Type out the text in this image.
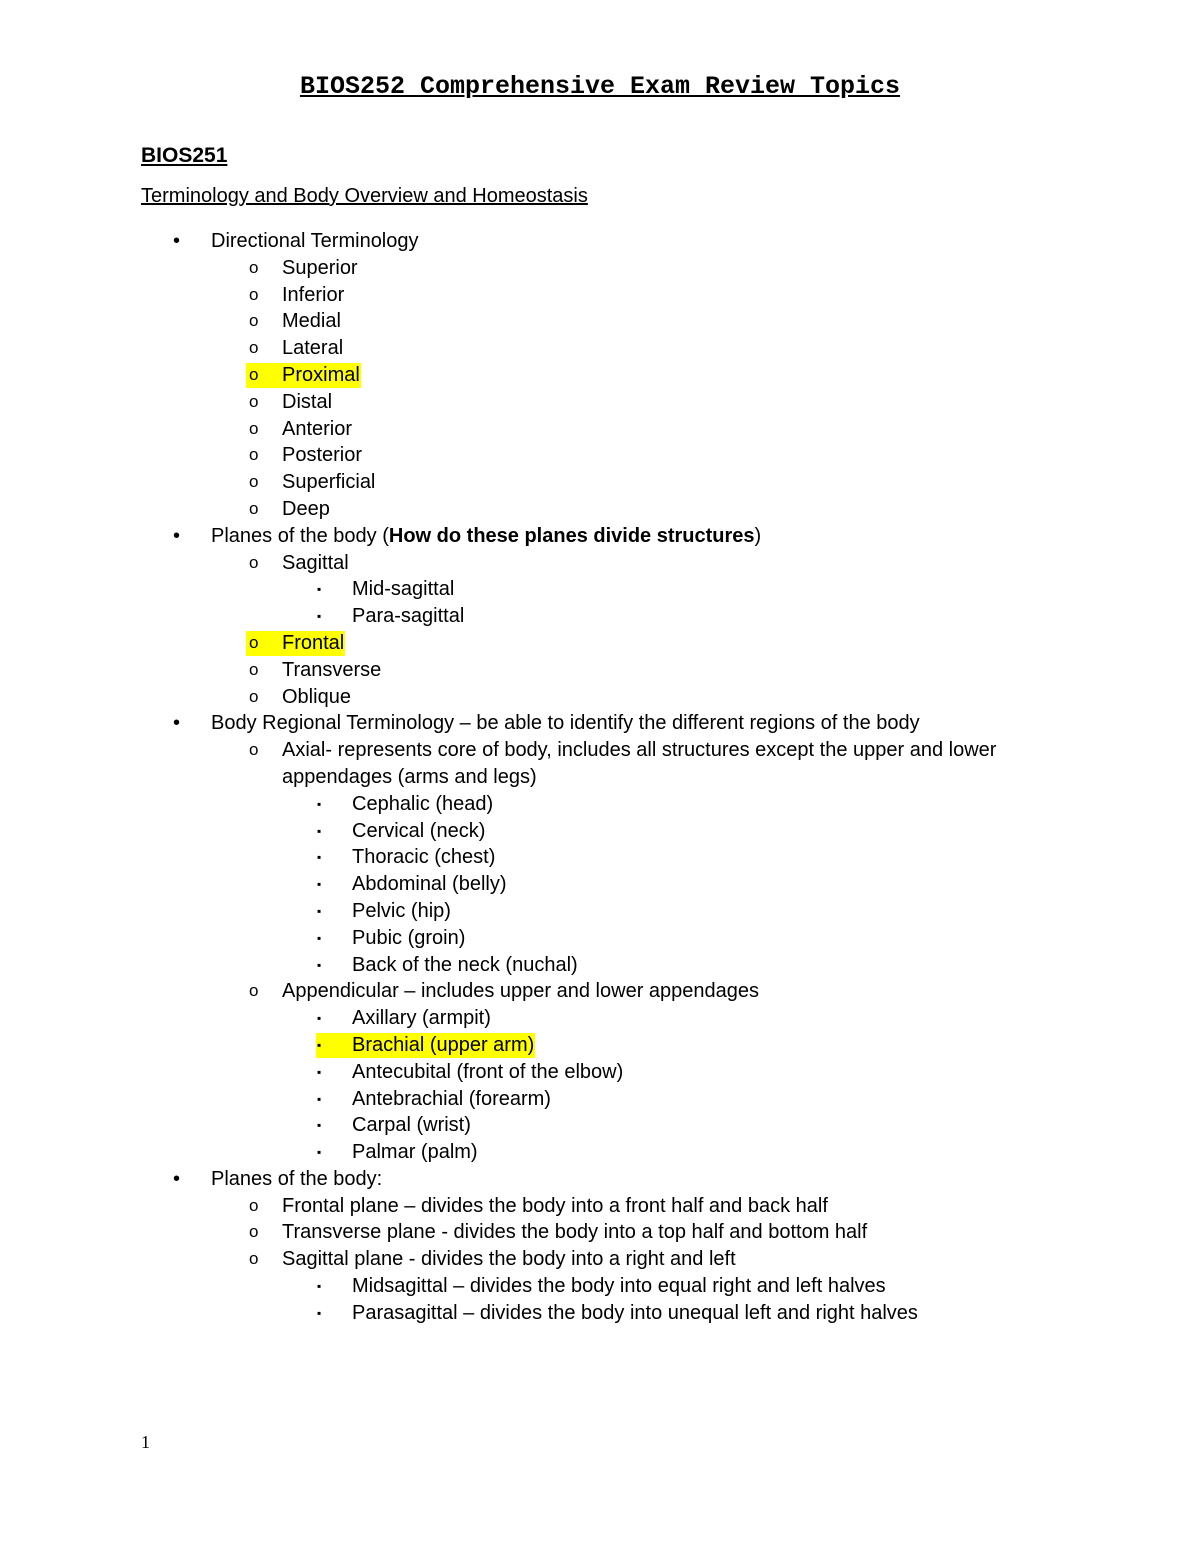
BIOS252 Comprehensive Exam Review Topics
BIOS251
Terminology and Body Overview and Homeostasis
• Directional Terminology
o Superior
o Inferior
o Medial
o Lateral
o Proximal
o Distal
o Anterior
o Posterior
o Superficial
o Deep
• Planes of the body (How do these planes divide structures)
o Sagittal
▪ Mid-sagittal
▪ Para-sagittal
o Frontal
o Transverse
o Oblique
• Body Regional Terminology – be able to identify the different regions of the body
o Axial- represents core of body, includes all structures except the upper and lower
appendages (arms and legs)
▪ Cephalic (head)
▪ Cervical (neck)
▪ Thoracic (chest)
▪ Abdominal (belly)
▪ Pelvic (hip)
▪ Pubic (groin)
▪ Back of the neck (nuchal)
o Appendicular – includes upper and lower appendages
▪ Axillary (armpit)
▪ Brachial (upper arm)
▪ Antecubital (front of the elbow)
▪ Antebrachial (forearm)
▪ Carpal (wrist)
▪ Palmar (palm)
• Planes of the body:
o Frontal plane – divides the body into a front half and back half
o Transverse plane - divides the body into a top half and bottom half
o Sagittal plane - divides the body into a right and left
▪ Midsagittal – divides the body into equal right and left halves
▪ Parasagittal – divides the body into unequal left and right halves
1
